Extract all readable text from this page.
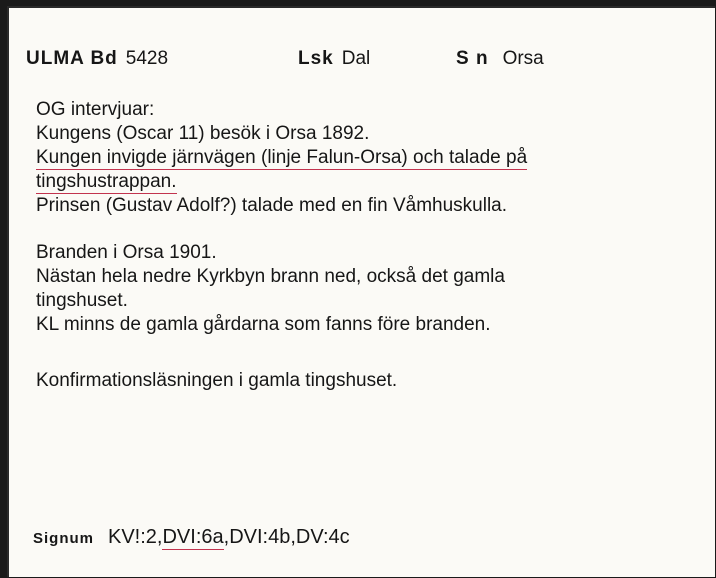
ULMA Bd 5428	Lsk Dal	S n Orsa
OG intervjuar:
Kungens (Oscar 11) besök i Orsa 1892.
Kungen invigde järnvägen (linje Falun-Orsa) och talade på
tingshustrappan.
Prinsen (Gustav Adolf?) talade med en fin Våmhuskulla.
Branden i Orsa 1901.
Nästan hela nedre Kyrkbyn brann ned, också det gamla
tingshuset.
KL minns de gamla gårdarna som fanns före branden.
Konfirmationsläsningen i gamla tingshuset.
Signum KV!:2,DVI:6a,DVI:4b,DV:4c
